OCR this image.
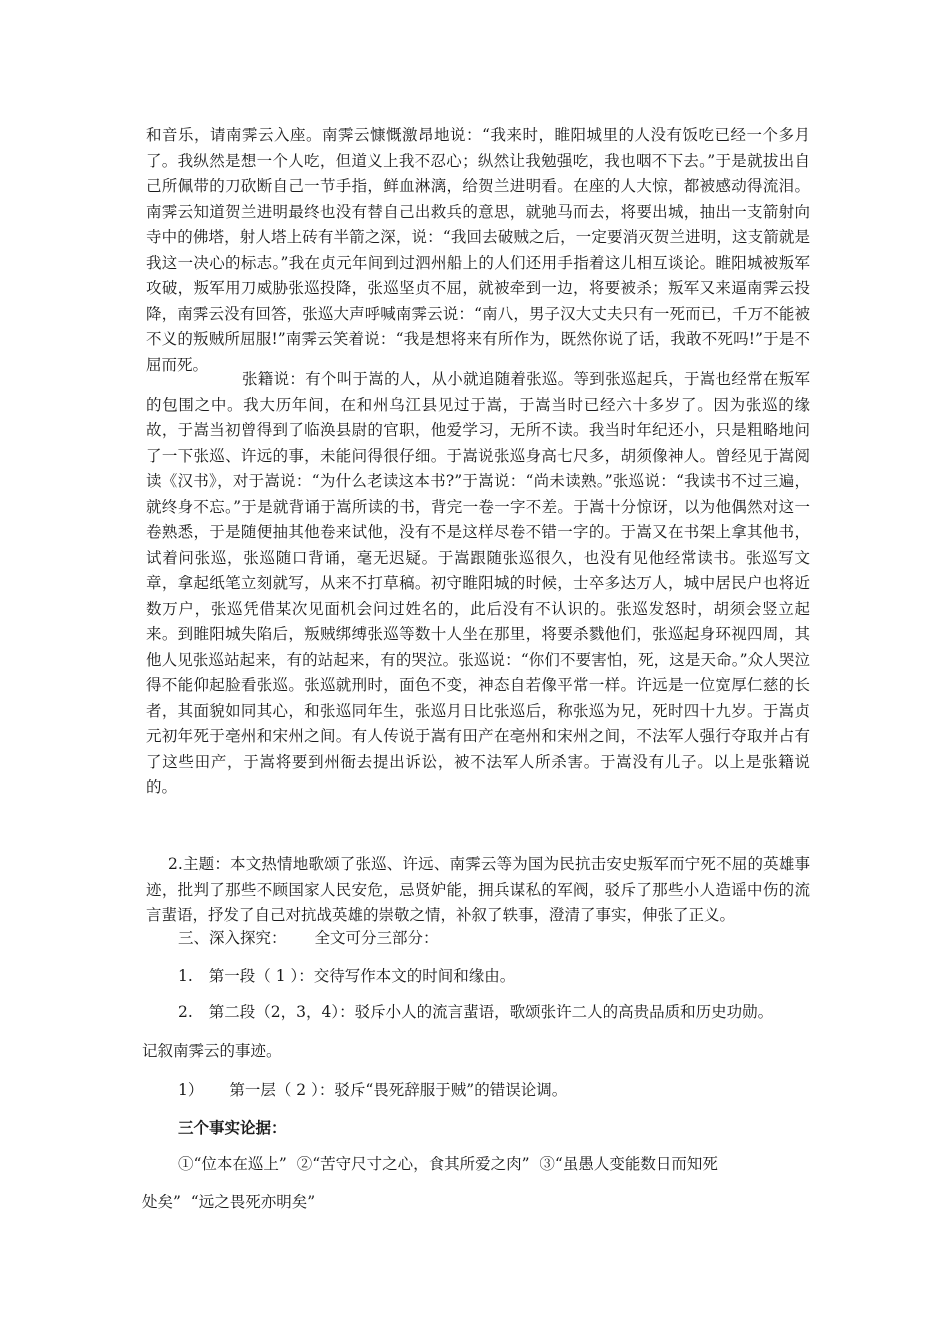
和音乐，请南霁云入座。南霁云慷慨激昂地说：“我来时，睢阳城里的人没有饭吃已经一个多月了。我纵然是想一个人吃，但道义上我不忍心；纵然让我勉强吃，我也咽不下去。”于是就拔出自己所佩带的刀砍断自己一节手指，鲜血淋漓，给贺兰进明看。在座的人大惊，都被感动得流泪。南霁云知道贺兰进明最终也没有替自己出救兵的意思，就驰马而去，将要出城，抽出一支箭射向寺中的佛塔，射人塔上砖有半箭之深，说：“我回去破贼之后，一定要消灭贺兰进明，这支箭就是我这一决心的标志。”我在贞元年间到过泗州船上的人们还用手指着这儿相互谈论。睢阳城被叛军攻破，叛军用刀威胁张巡投降，张巡坚贞不屈，就被牵到一边，将要被杀；叛军又来逼南霁云投降，南霁云没有回答，张巡大声呼喊南霁云说：“南八，男子汉大丈夫只有一死而已，千万不能被不义的叛贼所屈服!”南霁云笑着说：“我是想将来有所作为，既然你说了话，我敢不死吗!”于是不屈而死。

张籍说：有个叫于嵩的人，从小就追随着张巡。等到张巡起兵，于嵩也经常在叛军的包围之中。我大历年间，在和州乌江县见过于嵩，于嵩当时已经六十多岁了。因为张巡的缘故，于嵩当初曾得到了临涣县尉的官职，他爱学习，无所不读。我当时年纪还小，只是粗略地问了一下张巡、许远的事，未能问得很仔细。于嵩说张巡身高七尺多，胡须像神人。曾经见于嵩阅读《汉书》，对于嵩说：“为什么老读这本书?”于嵩说：“尚未读熟。”张巡说：“我读书不过三遍，就终身不忘。”于是就背诵于嵩所读的书，背完一卷一字不差。于嵩十分惊讶，以为他偶然对这一卷熟悉，于是随便抽其他卷来试他，没有不是这样尽卷不错一字的。于嵩又在书架上拿其他书，试着问张巡，张巡随口背诵，毫无迟疑。于嵩跟随张巡很久，也没有见他经常读书。张巡写文章，拿起纸笔立刻就写，从来不打草稿。初守睢阳城的时候，士卒多达万人，城中居民户也将近数万户，张巡凭借某次见面机会问过姓名的，此后没有不认识的。张巡发怒时，胡须会竖立起来。到睢阳城失陷后，叛贼绑缚张巡等数十人坐在那里，将要杀戮他们，张巡起身环视四周，其他人见张巡站起来，有的站起来，有的哭泣。张巡说：“你们不要害怕，死，这是天命。”众人哭泣得不能仰起脸看张巡。张巡就刑时，面色不变，神态自若像平常一样。许远是一位宽厚仁慈的长者，其面貌如同其心，和张巡同年生，张巡月日比张巡后，称张巡为兄，死时四十九岁。于嵩贞元初年死于亳州和宋州之间。有人传说于嵩有田产在亳州和宋州之间，不法军人强行夺取并占有了这些田产，于嵩将要到州衙去提出诉讼，被不法军人所杀害。于嵩没有儿子。以上是张籍说的。

2.主题：本文热情地歌颂了张巡、许远、南霁云等为国为民抗击安史叛军而宁死不屈的英雄事迹，批判了那些不顾国家人民安危，忌贤妒能，拥兵谋私的军阀，驳斥了那些小人造谣中伤的流言蜚语，抒发了自己对抗战英雄的崇敬之情，补叙了轶事，澄清了事实，伸张了正义。

三、深入探究： 全文可分三部分：
1. 第一段（ 1 ）：交待写作本文的时间和缘由。
2. 第二段（2，3，4）：驳斥小人的流言蜚语，歌颂张许二人的高贵品质和历史功勋。
记叙南霁云的事迹。
1） 第一层（ 2 ）：驳斥“畏死辞服于贼”的错误论调。
三个事实论据：
①“位本在巡上”  ②“苦守尺寸之心，食其所爱之肉”  ③“虽愚人变能数日而知死
处矣”  “远之畏死亦明矣”
